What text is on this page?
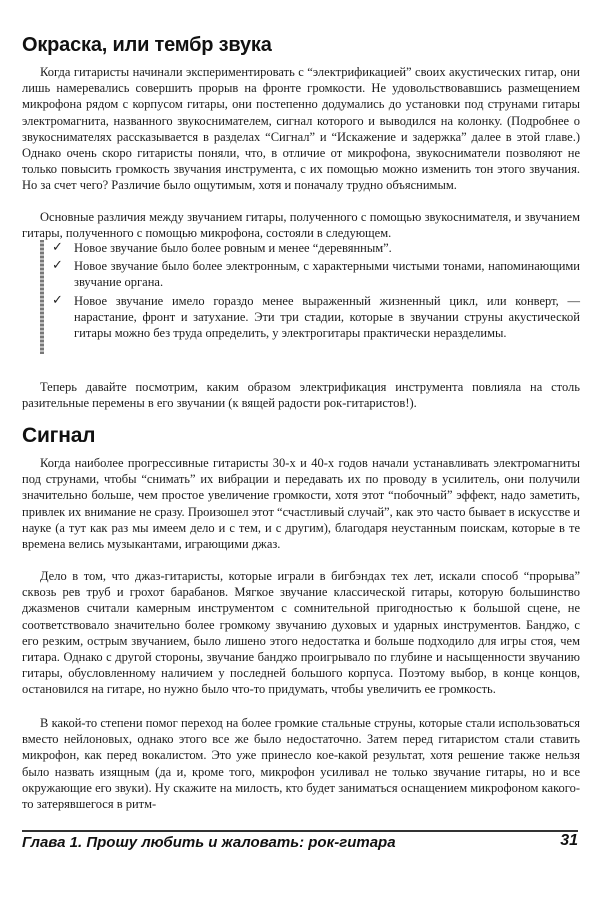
Окраска, или тембр звука

Когда гитаристы начинали экспериментировать с “электрификацией” своих акустических гитар, они лишь намеревались совершить прорыв на фронте громкости. Не удовольствовавшись размещением микрофона рядом с корпусом гитары, они постепенно додумались до установки под струнами гитары электромагнита, названного звукоснимателем, сигнал которого и выводился на колонку. (Подробнее о звукоснимателях рассказывается в разделах “Сигнал” и “Искажение и задержка” далее в этой главе.) Однако очень скоро гитаристы поняли, что, в отличие от микрофона, звукосниматели позволяют не только повысить громкость звучания инструмента, с их помощью можно изменить тон этого звучания. Но за счет чего? Различие было ощутимым, хотя и поначалу трудно объяснимым.

Основные различия между звучанием гитары, полученного с помощью звукоснимателя, и звучанием гитары, полученного с помощью микрофона, состояли в следующем.

✓ Новое звучание было более ровным и менее “деревянным”.
✓ Новое звучание было более электронным, с характерными чистыми тонами, напоминающими звучание органа.
✓ Новое звучание имело гораздо менее выраженный жизненный цикл, или конверт, — нарастание, фронт и затухание. Эти три стадии, которые в звучании струны акустической гитары можно без труда определить, у электрогитары практически неразделимы.

Теперь давайте посмотрим, каким образом электрификация инструмента повлияла на столь разительные перемены в его звучании (к вящей радости рок-гитаристов!).

Сигнал

Когда наиболее прогрессивные гитаристы 30-х и 40-х годов начали устанавливать электромагниты под струнами, чтобы “снимать” их вибрации и передавать их по проводу в усилитель, они получили значительно больше, чем простое увеличение громкости, хотя этот “побочный” эффект, надо заметить, привлек их внимание не сразу. Произошел этот “счастливый случай”, как это часто бывает в искусстве и науке (а тут как раз мы имеем дело и с тем, и с другим), благодаря неустанным поискам, которые в те времена велись музыкантами, играющими джаз.

Дело в том, что джаз-гитаристы, которые играли в бигбэндах тех лет, искали способ “прорыва” сквозь рев труб и грохот барабанов. Мягкое звучание классической гитары, которую большинство джазменов считали камерным инструментом с сомнительной пригодностью к большой сцене, не соответствовало значительно более громкому звучанию духовых и ударных инструментов. Банджо, с его резким, острым звучанием, было лишено этого недостатка и больше подходило для игры стоя, чем гитара. Однако с другой стороны, звучание банджо проигрывало по глубине и насыщенности звучанию гитары, обусловленному наличием у последней большого корпуса. Поэтому выбор, в конце концов, остановился на гитаре, но нужно было что-то придумать, чтобы увеличить ее громкость.

В какой-то степени помог переход на более громкие стальные струны, которые стали использоваться вместо нейлоновых, однако этого все же было недостаточно. Затем перед гитаристом стали ставить микрофон, как перед вокалистом. Это уже принесло кое-какой результат, хотя решение также нельзя было назвать изящным (да и, кроме того, микрофон усиливал не только звучание гитары, но и все окружающие его звуки). Ну скажите на милость, кто будет заниматься оснащением микрофоном какого-то затерявшегося в ритм-

Глава 1. Прошу любить и жаловать: рок-гитара	31
